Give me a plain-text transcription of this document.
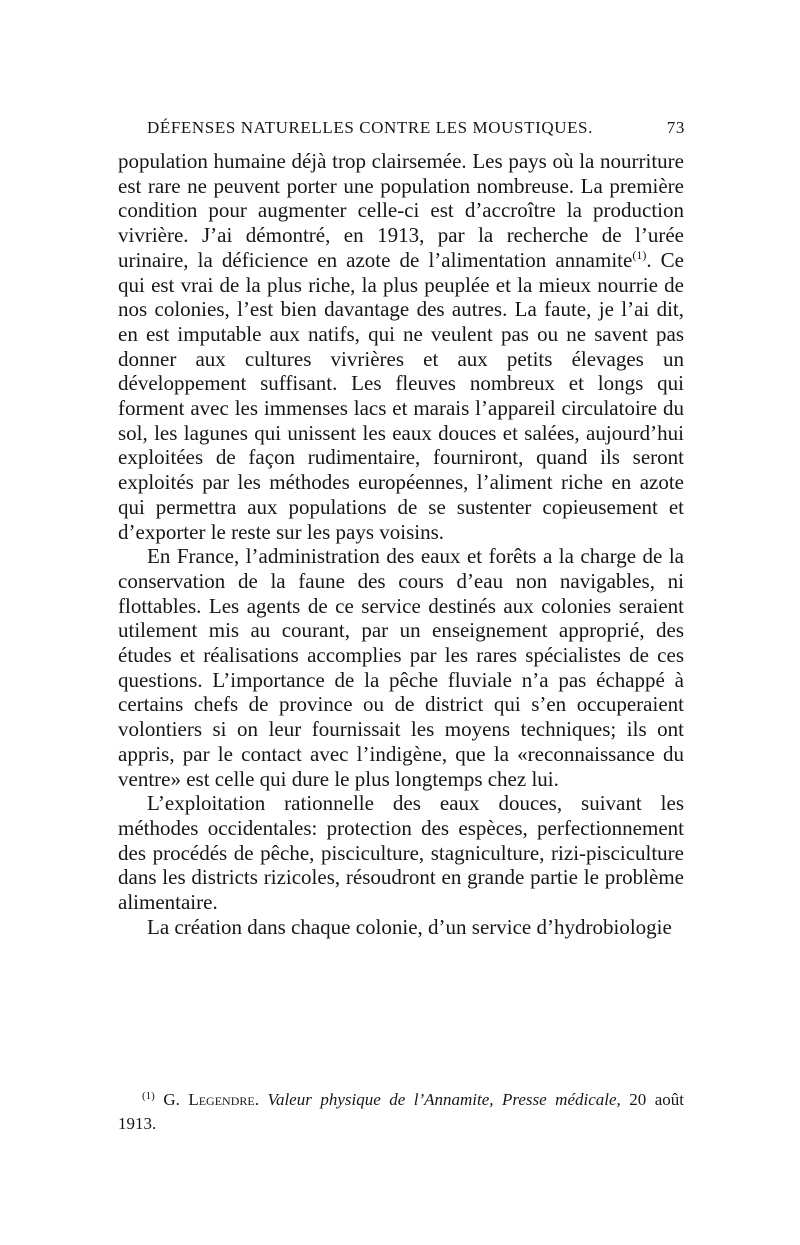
DÉFENSES NATURELLES CONTRE LES MOUSTIQUES.	73

population humaine déjà trop clairsemée. Les pays où la nourriture est rare ne peuvent porter une population nombreuse. La première condition pour augmenter celle-ci est d’accroître la production vivrière. J’ai démontré, en 1913, par la recherche de l’urée urinaire, la déficience en azote de l’alimentation annamite$^{(1)}$. Ce qui est vrai de la plus riche, la plus peuplée et la mieux nourrie de nos colonies, l’est bien davantage des autres. La faute, je l’ai dit, en est imputable aux natifs, qui ne veulent pas ou ne savent pas donner aux cultures vivrières et aux petits élevages un développement suffisant. Les fleuves nombreux et longs qui forment avec les immenses lacs et marais l’appareil circulatoire du sol, les lagunes qui unissent les eaux douces et salées, aujourd’hui exploitées de façon rudimentaire, fourniront, quand ils seront exploités par les méthodes européennes, l’aliment riche en azote qui permettra aux populations de se sustenter copieusement et d’exporter le reste sur les pays voisins.

En France, l’administration des eaux et forêts a la charge de la conservation de la faune des cours d’eau non navigables, ni flottables. Les agents de ce service destinés aux colonies seraient utilement mis au courant, par un enseignement approprié, des études et réalisations accomplies par les rares spécialistes de ces questions. L’importance de la pêche fluviale n’a pas échappé à certains chefs de province ou de district qui s’en occuperaient volontiers si on leur fournissait les moyens techniques; ils ont appris, par le contact avec l’indigène, que la «reconnaissance du ventre» est celle qui dure le plus longtemps chez lui.

L’exploitation rationnelle des eaux douces, suivant les méthodes occidentales: protection des espèces, perfectionnement des procédés de pêche, pisciculture, stagniculture, rizi-pisciculture dans les districts rizicoles, résoudront en grande partie le problème alimentaire.

La création dans chaque colonie, d’un service d’hydrobiologie

$^{(1)}$ G. Legendre. Valeur physique de l’Annamite, Presse médicale, 20 août 1913.
